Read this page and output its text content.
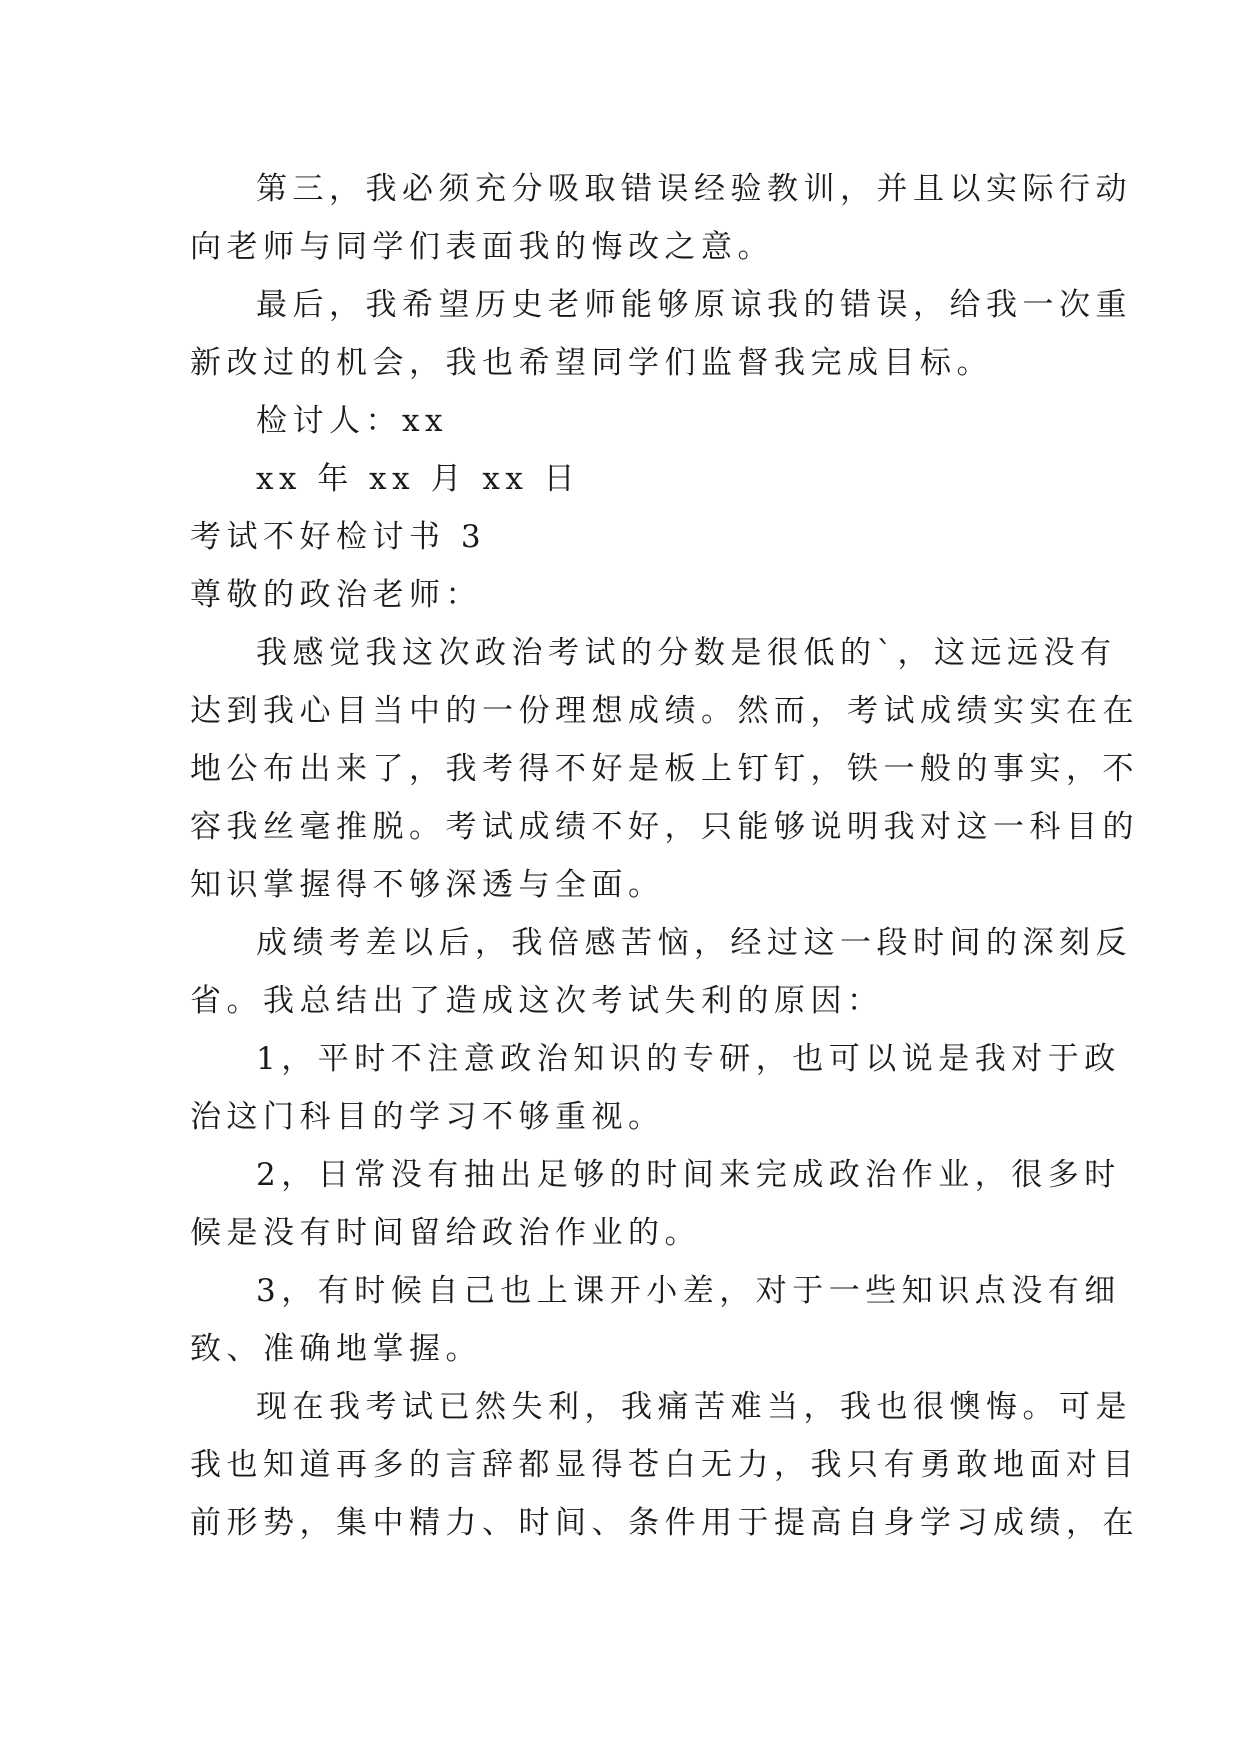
第三，我必须充分吸取错误经验教训，并且以实际行动
向老师与同学们表面我的悔改之意。
最后，我希望历史老师能够原谅我的错误，给我一次重
新改过的机会，我也希望同学们监督我完成目标。
检讨人：xx
xx 年 xx 月 xx 日
考试不好检讨书 3
尊敬的政治老师：
我感觉我这次政治考试的分数是很低的`，这远远没有
达到我心目当中的一份理想成绩。然而，考试成绩实实在在
地公布出来了，我考得不好是板上钉钉，铁一般的事实，不
容我丝毫推脱。考试成绩不好，只能够说明我对这一科目的
知识掌握得不够深透与全面。
成绩考差以后，我倍感苦恼，经过这一段时间的深刻反
省。我总结出了造成这次考试失利的原因：
1，平时不注意政治知识的专研，也可以说是我对于政
治这门科目的学习不够重视。
2，日常没有抽出足够的时间来完成政治作业，很多时
候是没有时间留给政治作业的。
3，有时候自己也上课开小差，对于一些知识点没有细
致、准确地掌握。
现在我考试已然失利，我痛苦难当，我也很懊悔。可是
我也知道再多的言辞都显得苍白无力，我只有勇敢地面对目
前形势，集中精力、时间、条件用于提高自身学习成绩，在
